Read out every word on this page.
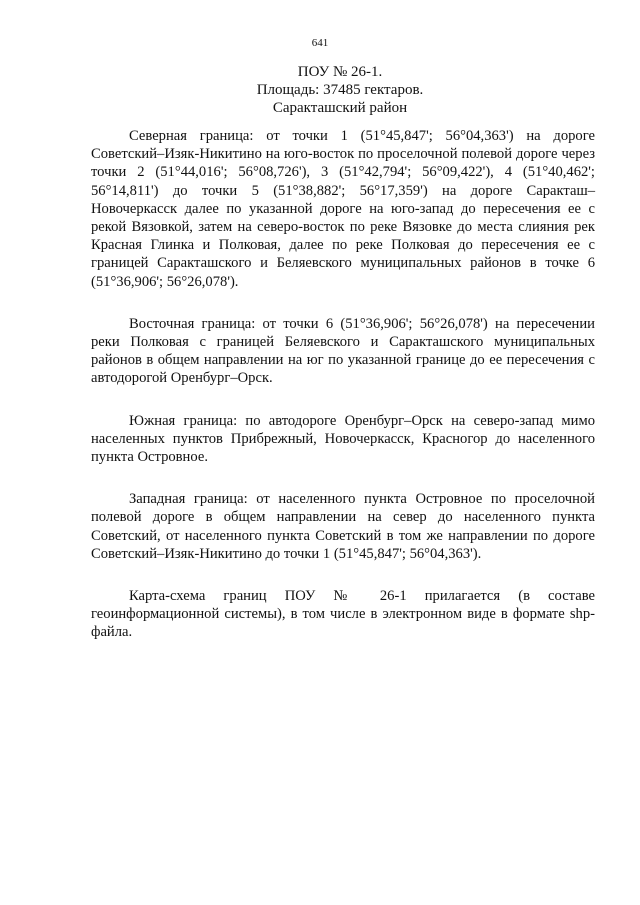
641
ПОУ № 26-1.
Площадь: 37485 гектаров.
Саракташский район

Северная граница: от точки 1 (51°45,847'; 56°04,363') на дороге Советский–Изяк-Никитино на юго-восток по проселочной полевой дороге через точки 2 (51°44,016'; 56°08,726'), 3 (51°42,794'; 56°09,422'), 4 (51°40,462'; 56°14,811') до точки 5 (51°38,882'; 56°17,359') на дороге Саракташ–Новочеркасск далее по указанной дороге на юго-запад до пересечения ее с рекой Вязовкой, затем на северо-восток по реке Вязовке до места слияния рек Красная Глинка и Полковая, далее по реке Полковая до пересечения ее с границей Саракташского и Беляевского муниципальных районов в точке 6 (51°36,906'; 56°26,078').

Восточная граница: от точки 6 (51°36,906'; 56°26,078') на пересечении реки Полковая с границей Беляевского и Саракташского муниципальных районов в общем направлении на юг по указанной границе до ее пересечения с автодорогой Оренбург–Орск.

Южная граница: по автодороге Оренбург–Орск на северо-запад мимо населенных пунктов Прибрежный, Новочеркасск, Красногор до населенного пункта Островное.

Западная граница: от населенного пункта Островное по проселочной полевой дороге в общем направлении на север до населенного пункта Советский, от населенного пункта Советский в том же направлении по дороге Советский–Изяк-Никитино до точки 1 (51°45,847'; 56°04,363').

Карта-схема границ ПОУ № 26-1 прилагается (в составе геоинформационной системы), в том числе в электронном виде в формате shp-файла.
